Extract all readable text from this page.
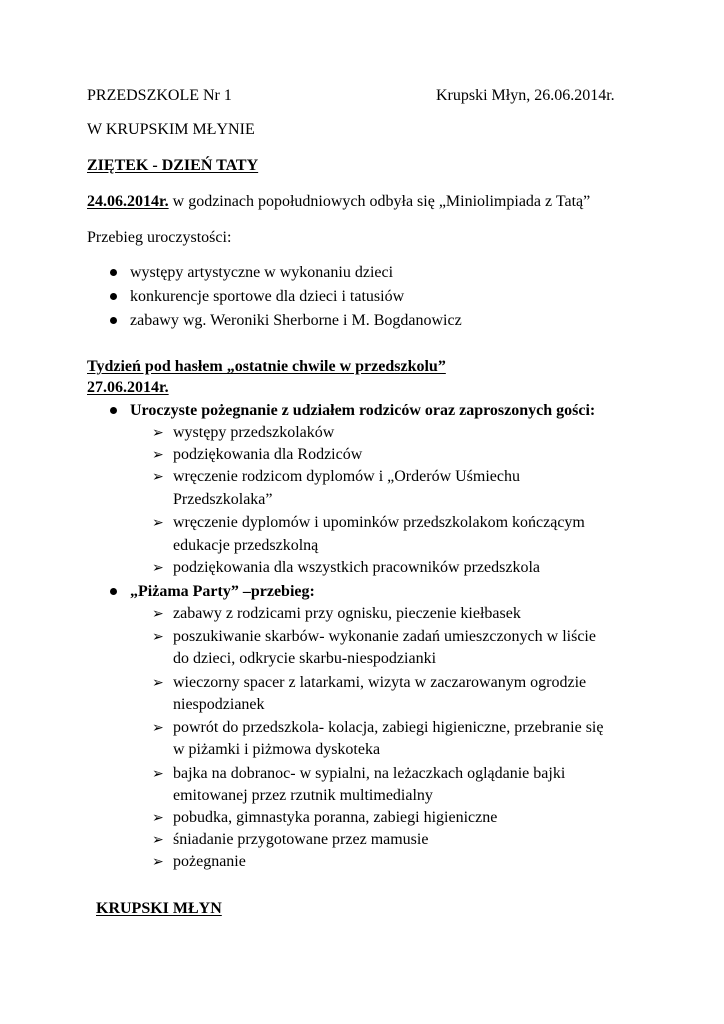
PRZEDSZKOLE Nr 1	Krupski Młyn, 26.06.2014r.
W KRUPSKIM MŁYNIE
ZIĘTEK - DZIEŃ TATY
24.06.2014r. w godzinach popołudniowych odbyła się „Miniolimpiada z Tatą”
Przebieg uroczystości:
występy artystyczne w wykonaniu dzieci
konkurencje sportowe dla dzieci i tatusiów
zabawy wg. Weroniki Sherborne i M. Bogdanowicz
Tydzień pod hasłem „ostatnie chwile w przedszkolu”
27.06.2014r.
Uroczyste pożegnanie z udziałem rodziców oraz zaproszonych gości:
➢ występy przedszkolaków
➢ podziękowania dla Rodziców
➢ wręczenie rodzicom dyplomów i „Orderów Uśmiechu
Przedszkolaka”
➢ wręczenie dyplomów i upominków przedszkolakom kończącym
edukacje przedszkolną
➢ podziękowania dla wszystkich pracowników przedszkola
„Piżama Party” –przebieg:
➢ zabawy z rodzicami przy ognisku, pieczenie kiełbasek
➢ poszukiwanie skarbów- wykonanie zadań umieszczonych w liście
do dzieci, odkrycie skarbu-niespodzianki
➢ wieczorny spacer z latarkami, wizyta w zaczarowanym ogrodzie
niespodzianek
➢ powrót do przedszkola- kolacja, zabiegi higieniczne, przebranie się
w piżamki i piżmowa dyskoteka
➢ bajka na dobranoc- w sypialni, na leżaczkach oglądanie bajki
emitowanej przez rzutnik multimedialny
➢ pobudka, gimnastyka poranna, zabiegi higieniczne
➢ śniadanie przygotowane przez mamusie
➢ pożegnanie
KRUPSKI MŁYN
